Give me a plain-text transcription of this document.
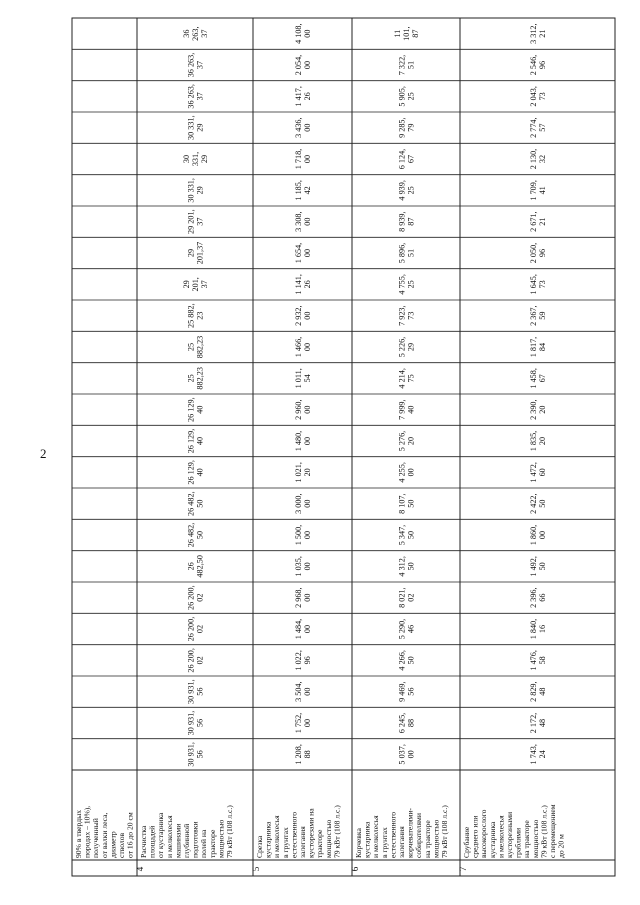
2
90% в твердых породах – 10%), полученный от валки леса, диаметр стволов от 16 до 20 см
4
Расчистка площадей от кустарника и мелколесья машинами глубинной подготовки полей на тракторе мощностью 79 кВт (108 л.с.)
30 931, 56
30 931, 56
30 931, 56
26 200, 02
26 200, 02
26 200, 02
26 482,50
26 482, 50
26 482, 50
26 129, 40
26 129, 40
26 129, 40
25 882,23
25 882,23
25 882, 23
29 201, 37
29 201,37
29 201, 37
30 331, 29
30 331, 29
30 331, 29
36 263, 37
36 263, 37
36 263, 37
5
Срезка кустарника и мелколесья в грунтах естественного залегания кусторезами на тракторе мощностью 79 кВт (108 л.с.)
1 208, 88
1 752, 00
3 504, 00
1 022, 96
1 484, 00
2 968, 00
1 035, 00
1 500, 00
3 000, 00
1 021, 20
1 480, 00
2 960, 00
1 011, 54
1 466, 00
2 932, 00
1 141, 26
1 654, 00
3 308, 00
1 185, 42
1 718, 00
3 436, 00
1 417, 26
2 054, 00
4 108, 00
6
Корчевка кустарника и мелколесья в грунтах естественного залегания корчевателями- собирателями на тракторе мощностью 79 кВт (108 л.с.)
5 037, 00
6 245, 88
9 469, 56
4 266, 50
5 290, 46
8 021, 02
4 312, 50
5 347, 50
8 107, 50
4 255, 00
5 276, 20
7 999, 40
4 214, 75
5 226, 29
7 923, 73
4 755, 25
5 896, 51
8 939, 87
4 939, 25
6 124, 67
9 285, 79
5 905, 25
7 322, 51
11 101, 87
7
Срубание среднего или высокорослого кустарника и мелколесья кусторезными граблями на тракторе мощностью 79 кВт (108 л.с.) с перемещением до 20 м
1 743, 24
2 172, 48
2 829, 48
1 476, 58
1 840, 16
2 396, 66
1 492, 50
1 860, 00
2 422, 50
1 472, 60
1 835, 20
2 390, 20
1 458, 67
1 817, 84
2 367, 59
1 645, 73
2 050, 96
2 671, 21
1 709, 41
2 130, 32
2 774, 57
2 043, 73
2 546, 96
3 312, 21
